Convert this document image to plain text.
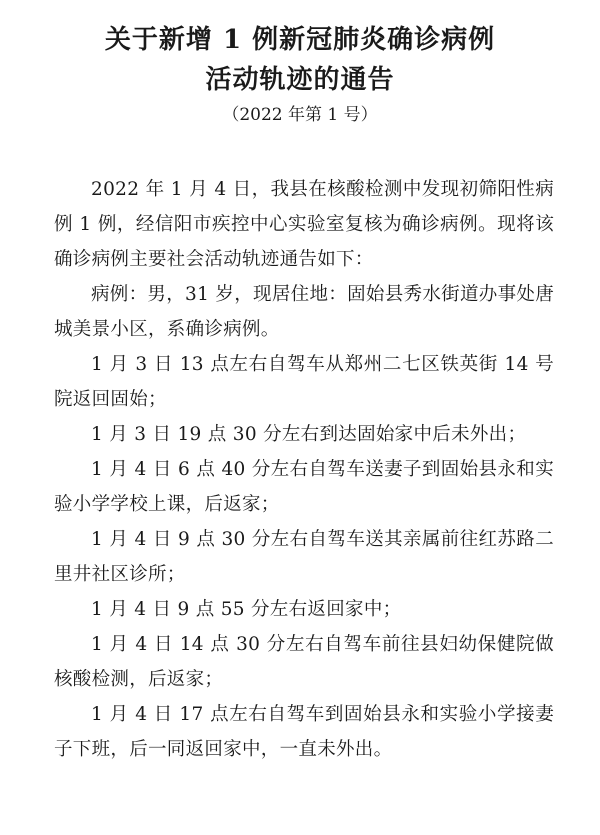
关于新增 1 例新冠肺炎确诊病例
活动轨迹的通告
（2022 年第 1 号）

2022 年 1 月 4 日，我县在核酸检测中发现初筛阳性病例 1 例，经信阳市疾控中心实验室复核为确诊病例。现将该确诊病例主要社会活动轨迹通告如下：

病例：男，31 岁，现居住地：固始县秀水街道办事处唐城美景小区，系确诊病例。

1 月 3 日 13 点左右自驾车从郑州二七区铁英街 14 号院返回固始；

1 月 3 日 19 点 30 分左右到达固始家中后未外出；

1 月 4 日 6 点 40 分左右自驾车送妻子到固始县永和实验小学学校上课，后返家；

1 月 4 日 9 点 30 分左右自驾车送其亲属前往红苏路二里井社区诊所；

1 月 4 日 9 点 55 分左右返回家中；

1 月 4 日 14 点 30 分左右自驾车前往县妇幼保健院做核酸检测，后返家；

1 月 4 日 17 点左右自驾车到固始县永和实验小学接妻子下班，后一同返回家中，一直未外出。
